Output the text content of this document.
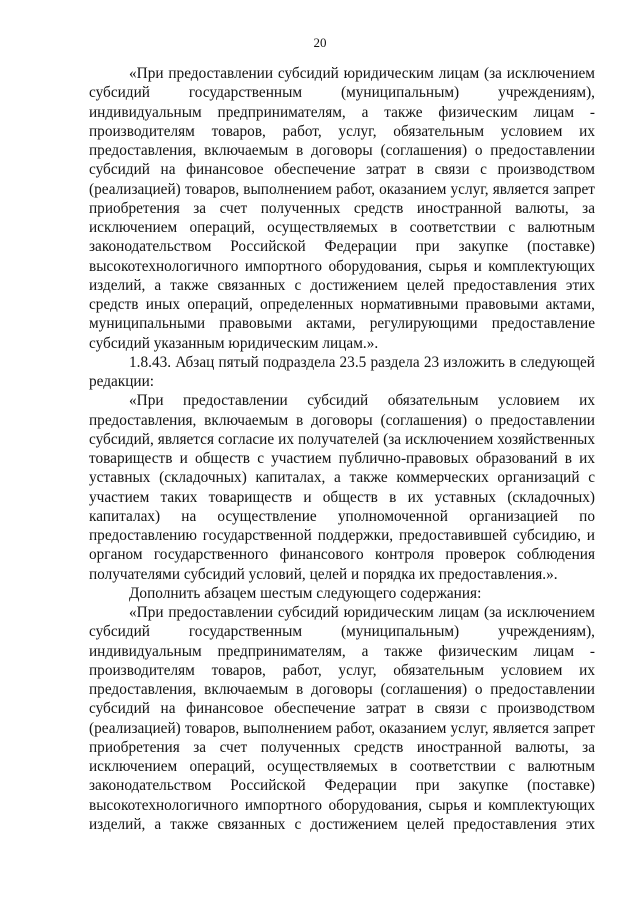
20
«При предоставлении субсидий юридическим лицам (за исключением
субсидий государственным (муниципальным) учреждениям),
индивидуальным предпринимателям, а также физическим лицам -
производителям товаров, работ, услуг, обязательным условием их
предоставления, включаемым в договоры (соглашения) о предоставлении
субсидий на финансовое обеспечение затрат в связи с производством
(реализацией) товаров, выполнением работ, оказанием услуг, является запрет
приобретения за счет полученных средств иностранной валюты, за
исключением операций, осуществляемых в соответствии с валютным
законодательством Российской Федерации при закупке (поставке)
высокотехнологичного импортного оборудования, сырья и комплектующих
изделий, а также связанных с достижением целей предоставления этих
средств иных операций, определенных нормативными правовыми актами,
муниципальными правовыми актами, регулирующими предоставление
субсидий указанным юридическим лицам.».
1.8.43. Абзац пятый подраздела 23.5 раздела 23 изложить в следующей
редакции:
«При предоставлении субсидий обязательным условием их
предоставления, включаемым в договоры (соглашения) о предоставлении
субсидий, является согласие их получателей (за исключением хозяйственных
товариществ и обществ с участием публично-правовых образований в их
уставных (складочных) капиталах, а также коммерческих организаций с
участием таких товариществ и обществ в их уставных (складочных)
капиталах) на осуществление уполномоченной организацией по
предоставлению государственной поддержки, предоставившей субсидию, и
органом государственного финансового контроля проверок соблюдения
получателями субсидий условий, целей и порядка их предоставления.».
Дополнить абзацем шестым следующего содержания:
«При предоставлении субсидий юридическим лицам (за исключением
субсидий государственным (муниципальным) учреждениям),
индивидуальным предпринимателям, а также физическим лицам -
производителям товаров, работ, услуг, обязательным условием их
предоставления, включаемым в договоры (соглашения) о предоставлении
субсидий на финансовое обеспечение затрат в связи с производством
(реализацией) товаров, выполнением работ, оказанием услуг, является запрет
приобретения за счет полученных средств иностранной валюты, за
исключением операций, осуществляемых в соответствии с валютным
законодательством Российской Федерации при закупке (поставке)
высокотехнологичного импортного оборудования, сырья и комплектующих
изделий, а также связанных с достижением целей предоставления этих
